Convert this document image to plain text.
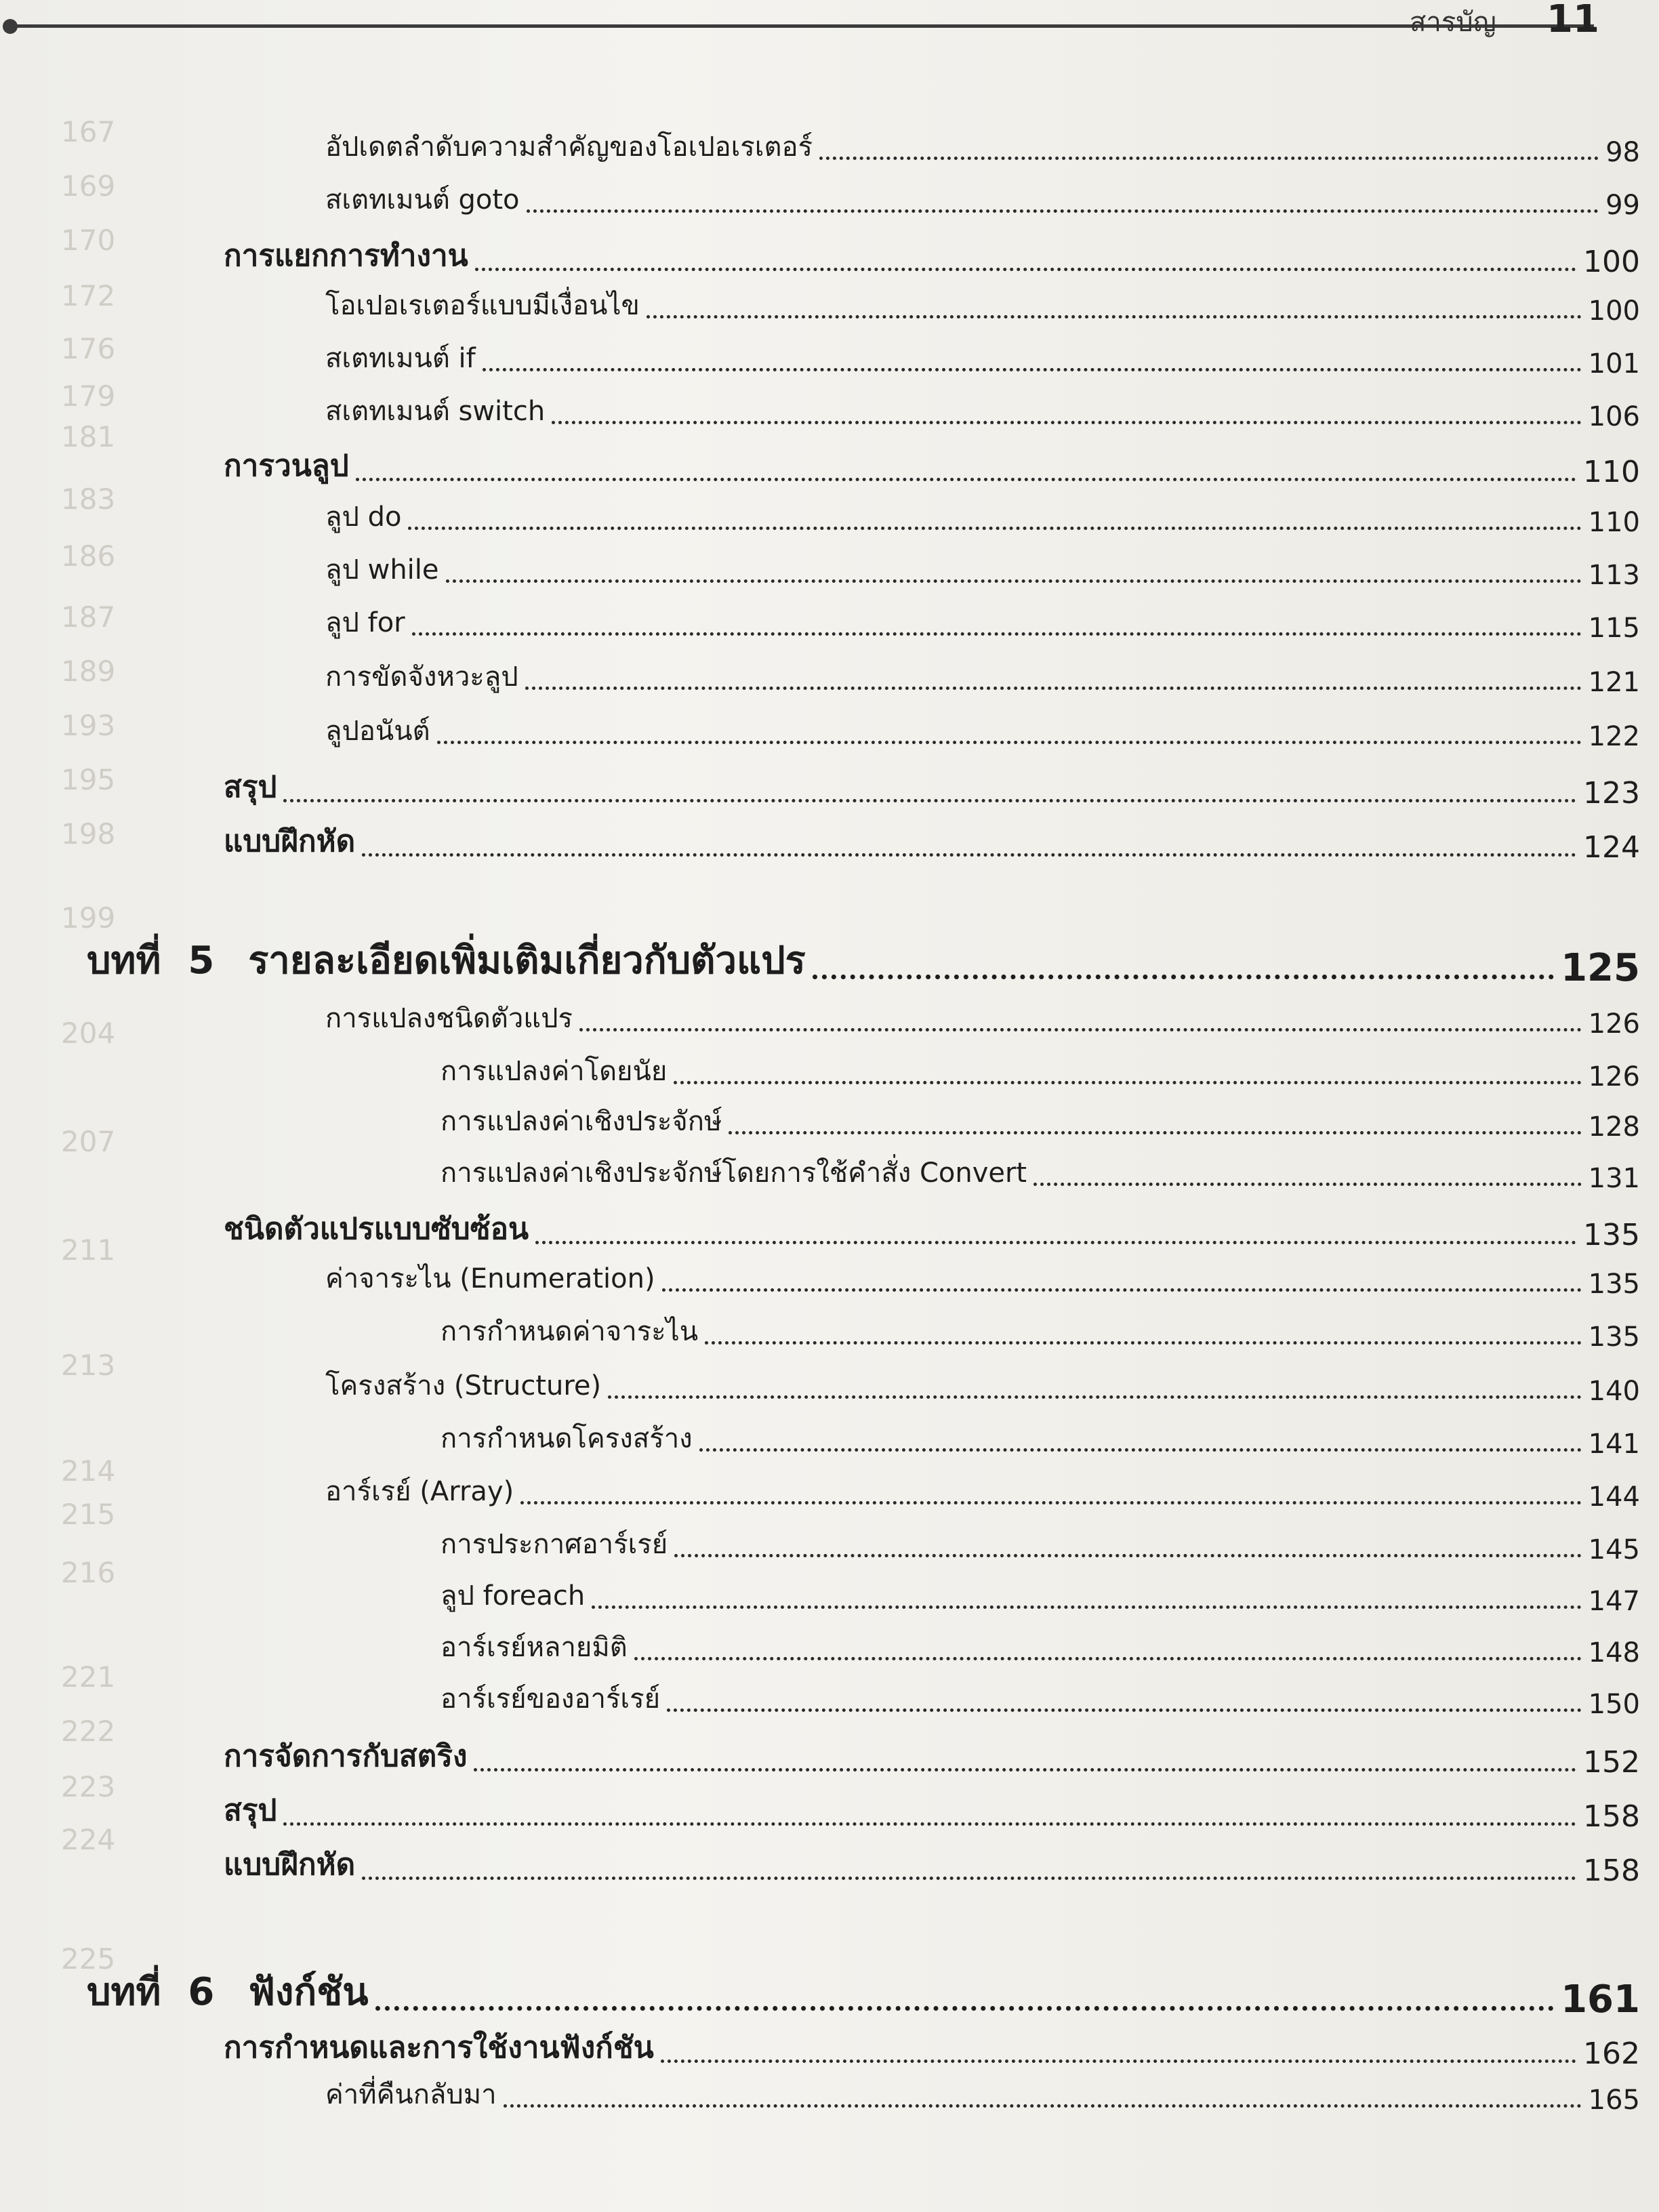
สารบัญ 11
167
169
170
172
176
179
181
183
186
187
189
193
195
198
199
204
207
211
213
214
215
216
221
222
223
224
225
อัปเดตลำดับความสำคัญของโอเปอเรเตอร์	98
สเตทเมนต์ goto	99
การแยกการทำงาน	100
โอเปอเรเตอร์แบบมีเงื่อนไข	100
สเตทเมนต์ if	101
สเตทเมนต์ switch	106
การวนลูป	110
ลูป do	110
ลูป while	113
ลูป for	115
การขัดจังหวะลูป	121
ลูปอนันต์	122
สรุป	123
แบบฝึกหัด	124
บทที่ 5 รายละเอียดเพิ่มเติมเกี่ยวกับตัวแปร	125
การแปลงชนิดตัวแปร	126
การแปลงค่าโดยนัย	126
การแปลงค่าเชิงประจักษ์	128
การแปลงค่าเชิงประจักษ์โดยการใช้คำสั่ง Convert	131
ชนิดตัวแปรแบบซับซ้อน	135
ค่าจาระไน (Enumeration)	135
การกำหนดค่าจาระไน	135
โครงสร้าง (Structure)	140
การกำหนดโครงสร้าง	141
อาร์เรย์ (Array)	144
การประกาศอาร์เรย์	145
ลูป foreach	147
อาร์เรย์หลายมิติ	148
อาร์เรย์ของอาร์เรย์	150
การจัดการกับสตริง	152
สรุป	158
แบบฝึกหัด	158
บทที่ 6 ฟังก์ชัน	161
การกำหนดและการใช้งานฟังก์ชัน	162
ค่าที่คืนกลับมา	165
